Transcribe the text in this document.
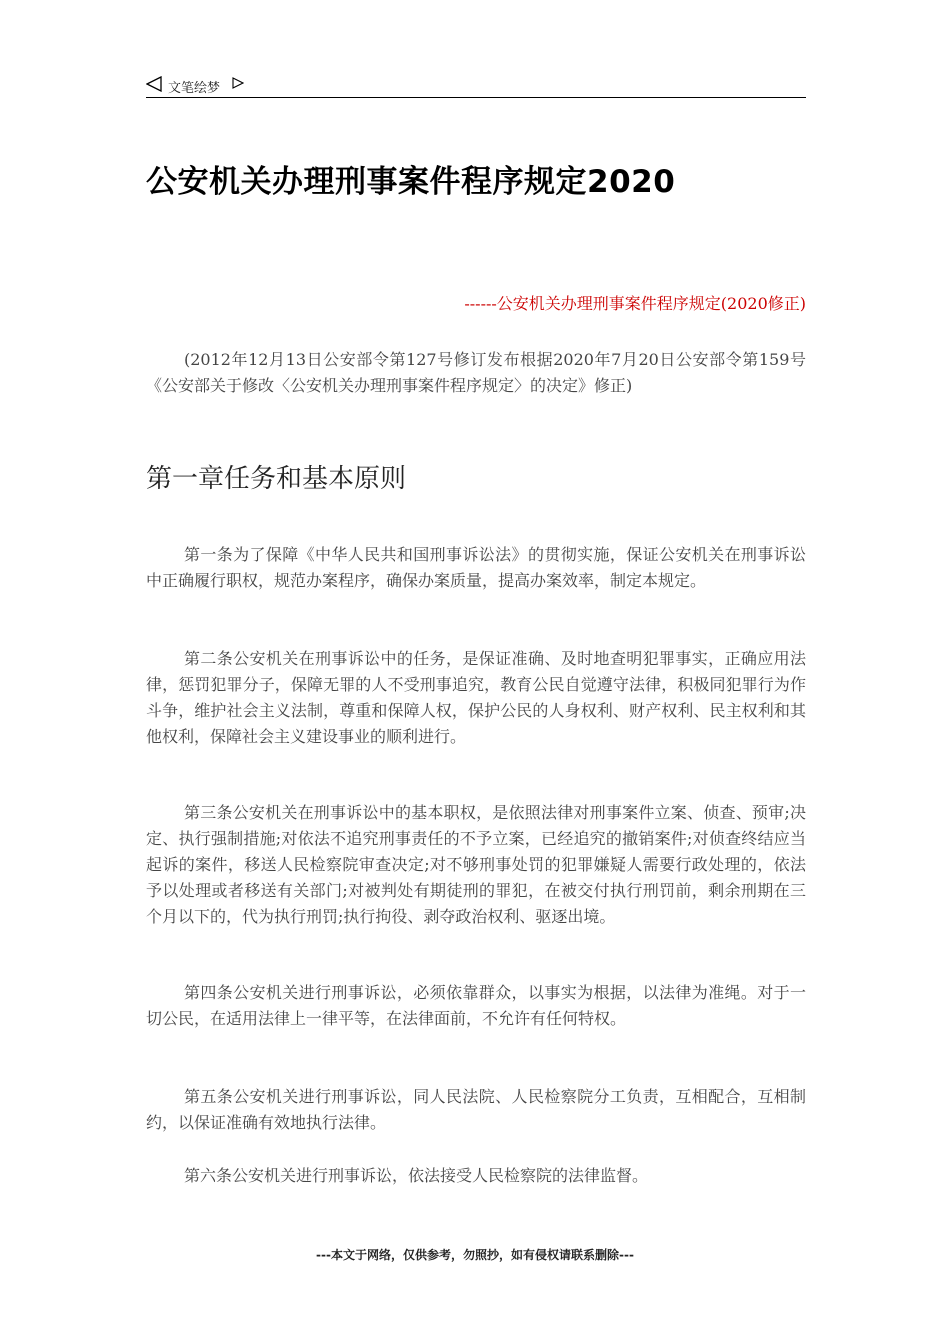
文笔绘梦
公安机关办理刑事案件程序规定2020
------公安机关办理刑事案件程序规定(2020修正)

(2012年12月13日公安部令第127号修订发布根据2020年7月20日公安部令第159号《公安部关于修改〈公安机关办理刑事案件程序规定〉的决定》修正)

第一章任务和基本原则

第一条为了保障《中华人民共和国刑事诉讼法》的贯彻实施，保证公安机关在刑事诉讼中正确履行职权，规范办案程序，确保办案质量，提高办案效率，制定本规定。

第二条公安机关在刑事诉讼中的任务，是保证准确、及时地查明犯罪事实，正确应用法律，惩罚犯罪分子，保障无罪的人不受刑事追究，教育公民自觉遵守法律，积极同犯罪行为作斗争，维护社会主义法制，尊重和保障人权，保护公民的人身权利、财产权利、民主权利和其他权利，保障社会主义建设事业的顺利进行。

第三条公安机关在刑事诉讼中的基本职权，是依照法律对刑事案件立案、侦查、预审;决定、执行强制措施;对依法不追究刑事责任的不予立案，已经追究的撤销案件;对侦查终结应当起诉的案件，移送人民检察院审查决定;对不够刑事处罚的犯罪嫌疑人需要行政处理的，依法予以处理或者移送有关部门;对被判处有期徒刑的罪犯，在被交付执行刑罚前，剩余刑期在三个月以下的，代为执行刑罚;执行拘役、剥夺政治权利、驱逐出境。

第四条公安机关进行刑事诉讼，必须依靠群众，以事实为根据，以法律为准绳。对于一切公民，在适用法律上一律平等，在法律面前，不允许有任何特权。

第五条公安机关进行刑事诉讼，同人民法院、人民检察院分工负责，互相配合，互相制约，以保证准确有效地执行法律。

第六条公安机关进行刑事诉讼，依法接受人民检察院的法律监督。

---本文于网络，仅供参考，勿照抄，如有侵权请联系删除---
